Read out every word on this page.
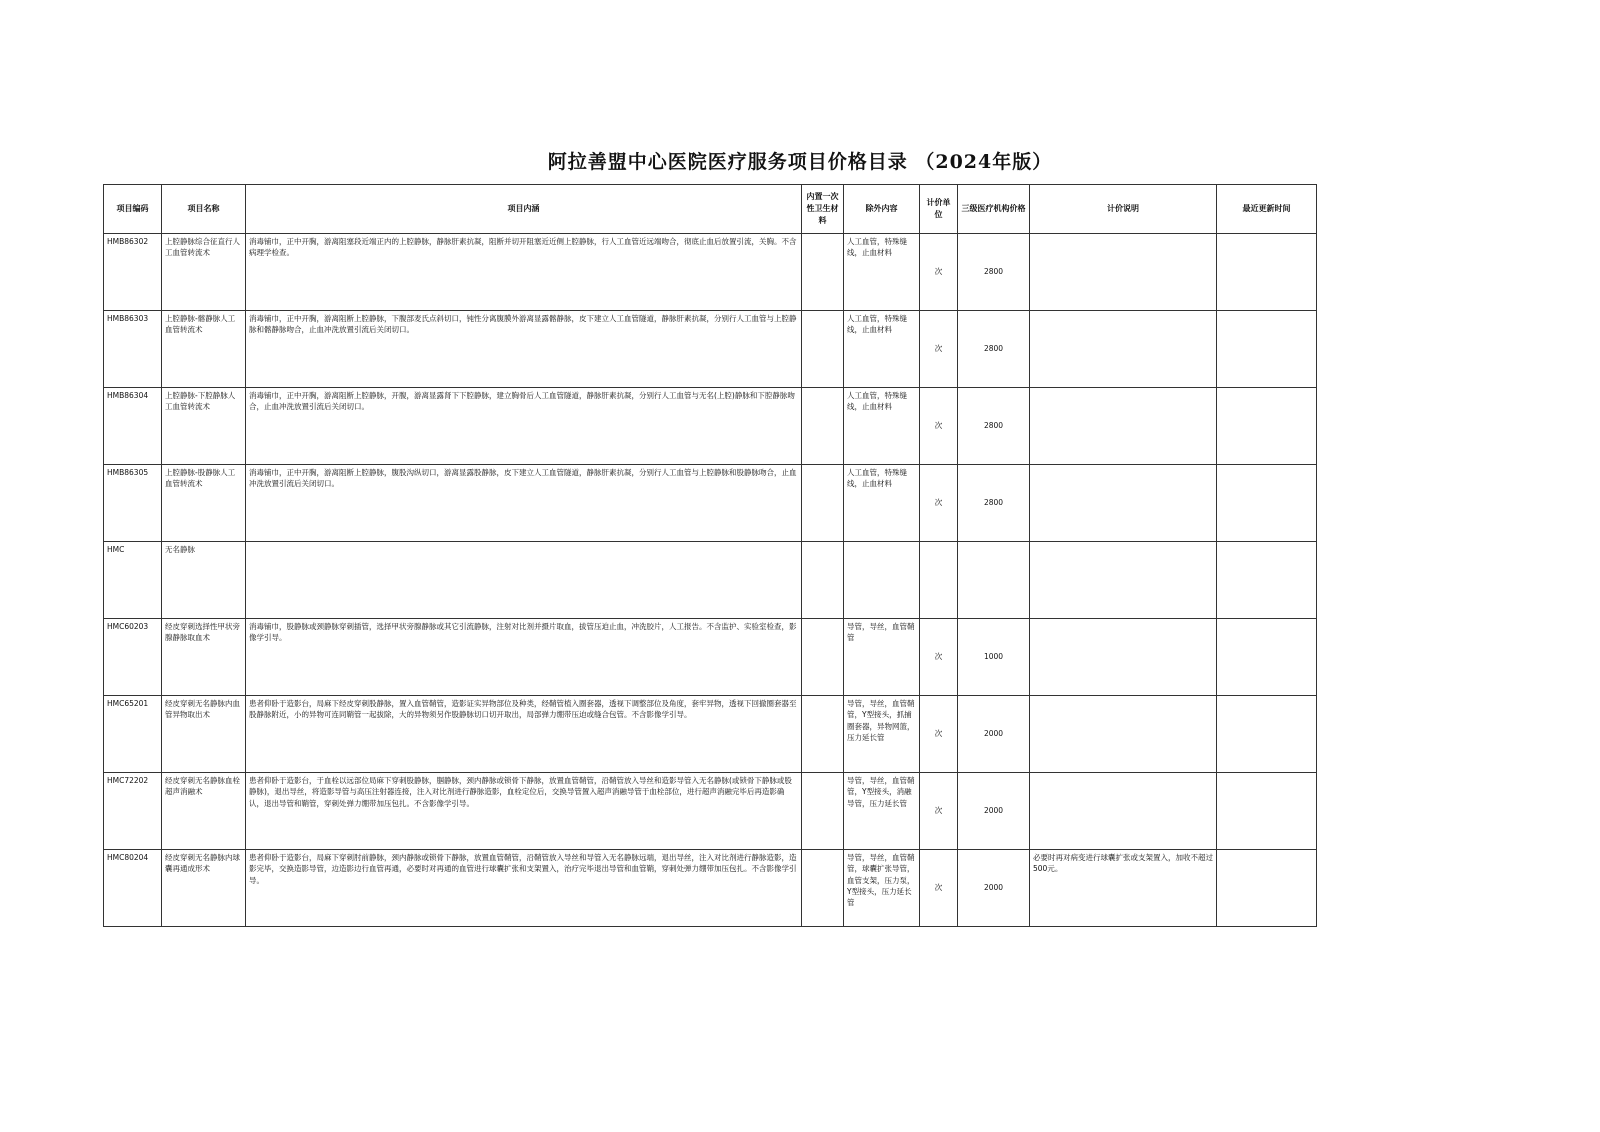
阿拉善盟中心医院医疗服务项目价格目录 （2024年版）
项目编码	项目名称	项目内涵	内置一次性卫生材料	除外内容	计价单位	三级医疗机构价格	计价说明	最近更新时间
HMB86302	上腔静脉综合征直行人工血管转流术	消毒铺巾，正中开胸，游离阻塞段近端正内的上腔静脉，静脉肝素抗凝，阻断并切开阻塞近近侧上腔静脉，行人工血管近远端吻合，彻底止血后放置引流，关胸。不含病理学检查。		人工血管，特殊缝线，止血材料	次	2800		
HMB86303	上腔静脉-髂静脉人工血管转流术	消毒铺巾，正中开胸，游离阻断上腔静脉，下腹部麦氏点斜切口，钝性分离腹膜外游离显露髂静脉，皮下建立人工血管隧道，静脉肝素抗凝，分别行人工血管与上腔静脉和髂静脉吻合，止血冲洗放置引流后关闭切口。		人工血管，特殊缝线，止血材料	次	2800		
HMB86304	上腔静脉-下腔静脉人工血管转流术	消毒铺巾，正中开胸，游离阻断上腔静脉，开腹，游离显露肾下下腔静脉，建立胸骨后人工血管隧道，静脉肝素抗凝，分别行人工血管与无名(上腔)静脉和下腔静脉吻合，止血冲洗放置引流后关闭切口。		人工血管，特殊缝线，止血材料	次	2800		
HMB86305	上腔静脉-股静脉人工血管转流术	消毒铺巾，正中开胸，游离阻断上腔静脉，腹股沟纵切口，游离显露股静脉，皮下建立人工血管隧道，静脉肝素抗凝，分别行人工血管与上腔静脉和股静脉吻合，止血冲洗放置引流后关闭切口。		人工血管，特殊缝线，止血材料	次	2800		
HMC	无名静脉							
HMC60203	经皮穿刺选择性甲状旁腺静脉取血术	消毒铺巾，股静脉或颈静脉穿刺插管，选择甲状旁腺静脉或其它引流静脉，注射对比剂并摄片取血，拔管压迫止血，冲洗胶片，人工报告。不含监护、实验室检查，影像学引导。		导管，导丝，血管鞘管	次	1000		
HMC65201	经皮穿刺无名静脉内血管异物取出术	患者仰卧于造影台，局麻下经皮穿刺股静脉，置入血管鞘管，造影证实异物部位及种类，经鞘管植入圈套器，透视下调整部位及角度，套牢异物，透视下回撤圈套器至股静脉附近，小的异物可连同鞘管一起拔除，大的异物须另作股静脉切口切开取出，局部弹力绷带压迫或缝合包管。不含影像学引导。		导管，导丝，血管鞘管，Y型接头，抓捕圈套器，异物网篮，压力延长管	次	2000		
HMC72202	经皮穿刺无名静脉血栓超声消融术	患者仰卧于造影台，于血栓以远部位局麻下穿刺股静脉，腘静脉，颈内静脉或锁骨下静脉，放置血管鞘管，沿鞘管放入导丝和造影导管入无名静脉(或锁骨下静脉或股静脉)，退出导丝，将造影导管与高压注射器连接，注入对比剂进行静脉造影，血栓定位后，交换导管置入超声消融导管于血栓部位，进行超声消融完毕后再造影确认，退出导管和鞘管，穿刺处弹力绷带加压包扎。不含影像学引导。		导管，导丝，血管鞘管，Y型接头，消融导管，压力延长管	次	2000		
HMC80204	经皮穿刺无名静脉内球囊再通成形术	患者仰卧于造影台，局麻下穿刺肘前静脉，颈内静脉或锁骨下静脉，放置血管鞘管，沿鞘管放入导丝和导管入无名静脉远端，退出导丝，注入对比剂进行静脉造影，造影完毕，交换造影导管，边造影边行血管再通，必要时对再通的血管进行球囊扩张和支架置入，治疗完毕退出导管和血管鞘，穿刺处弹力绷带加压包扎。不含影像学引导。		导管，导丝，血管鞘管，球囊扩张导管，血管支架，压力泵，Y型接头，压力延长管	次	2000	必要时再对病变进行球囊扩张或支架置入，加收不超过500元。	
